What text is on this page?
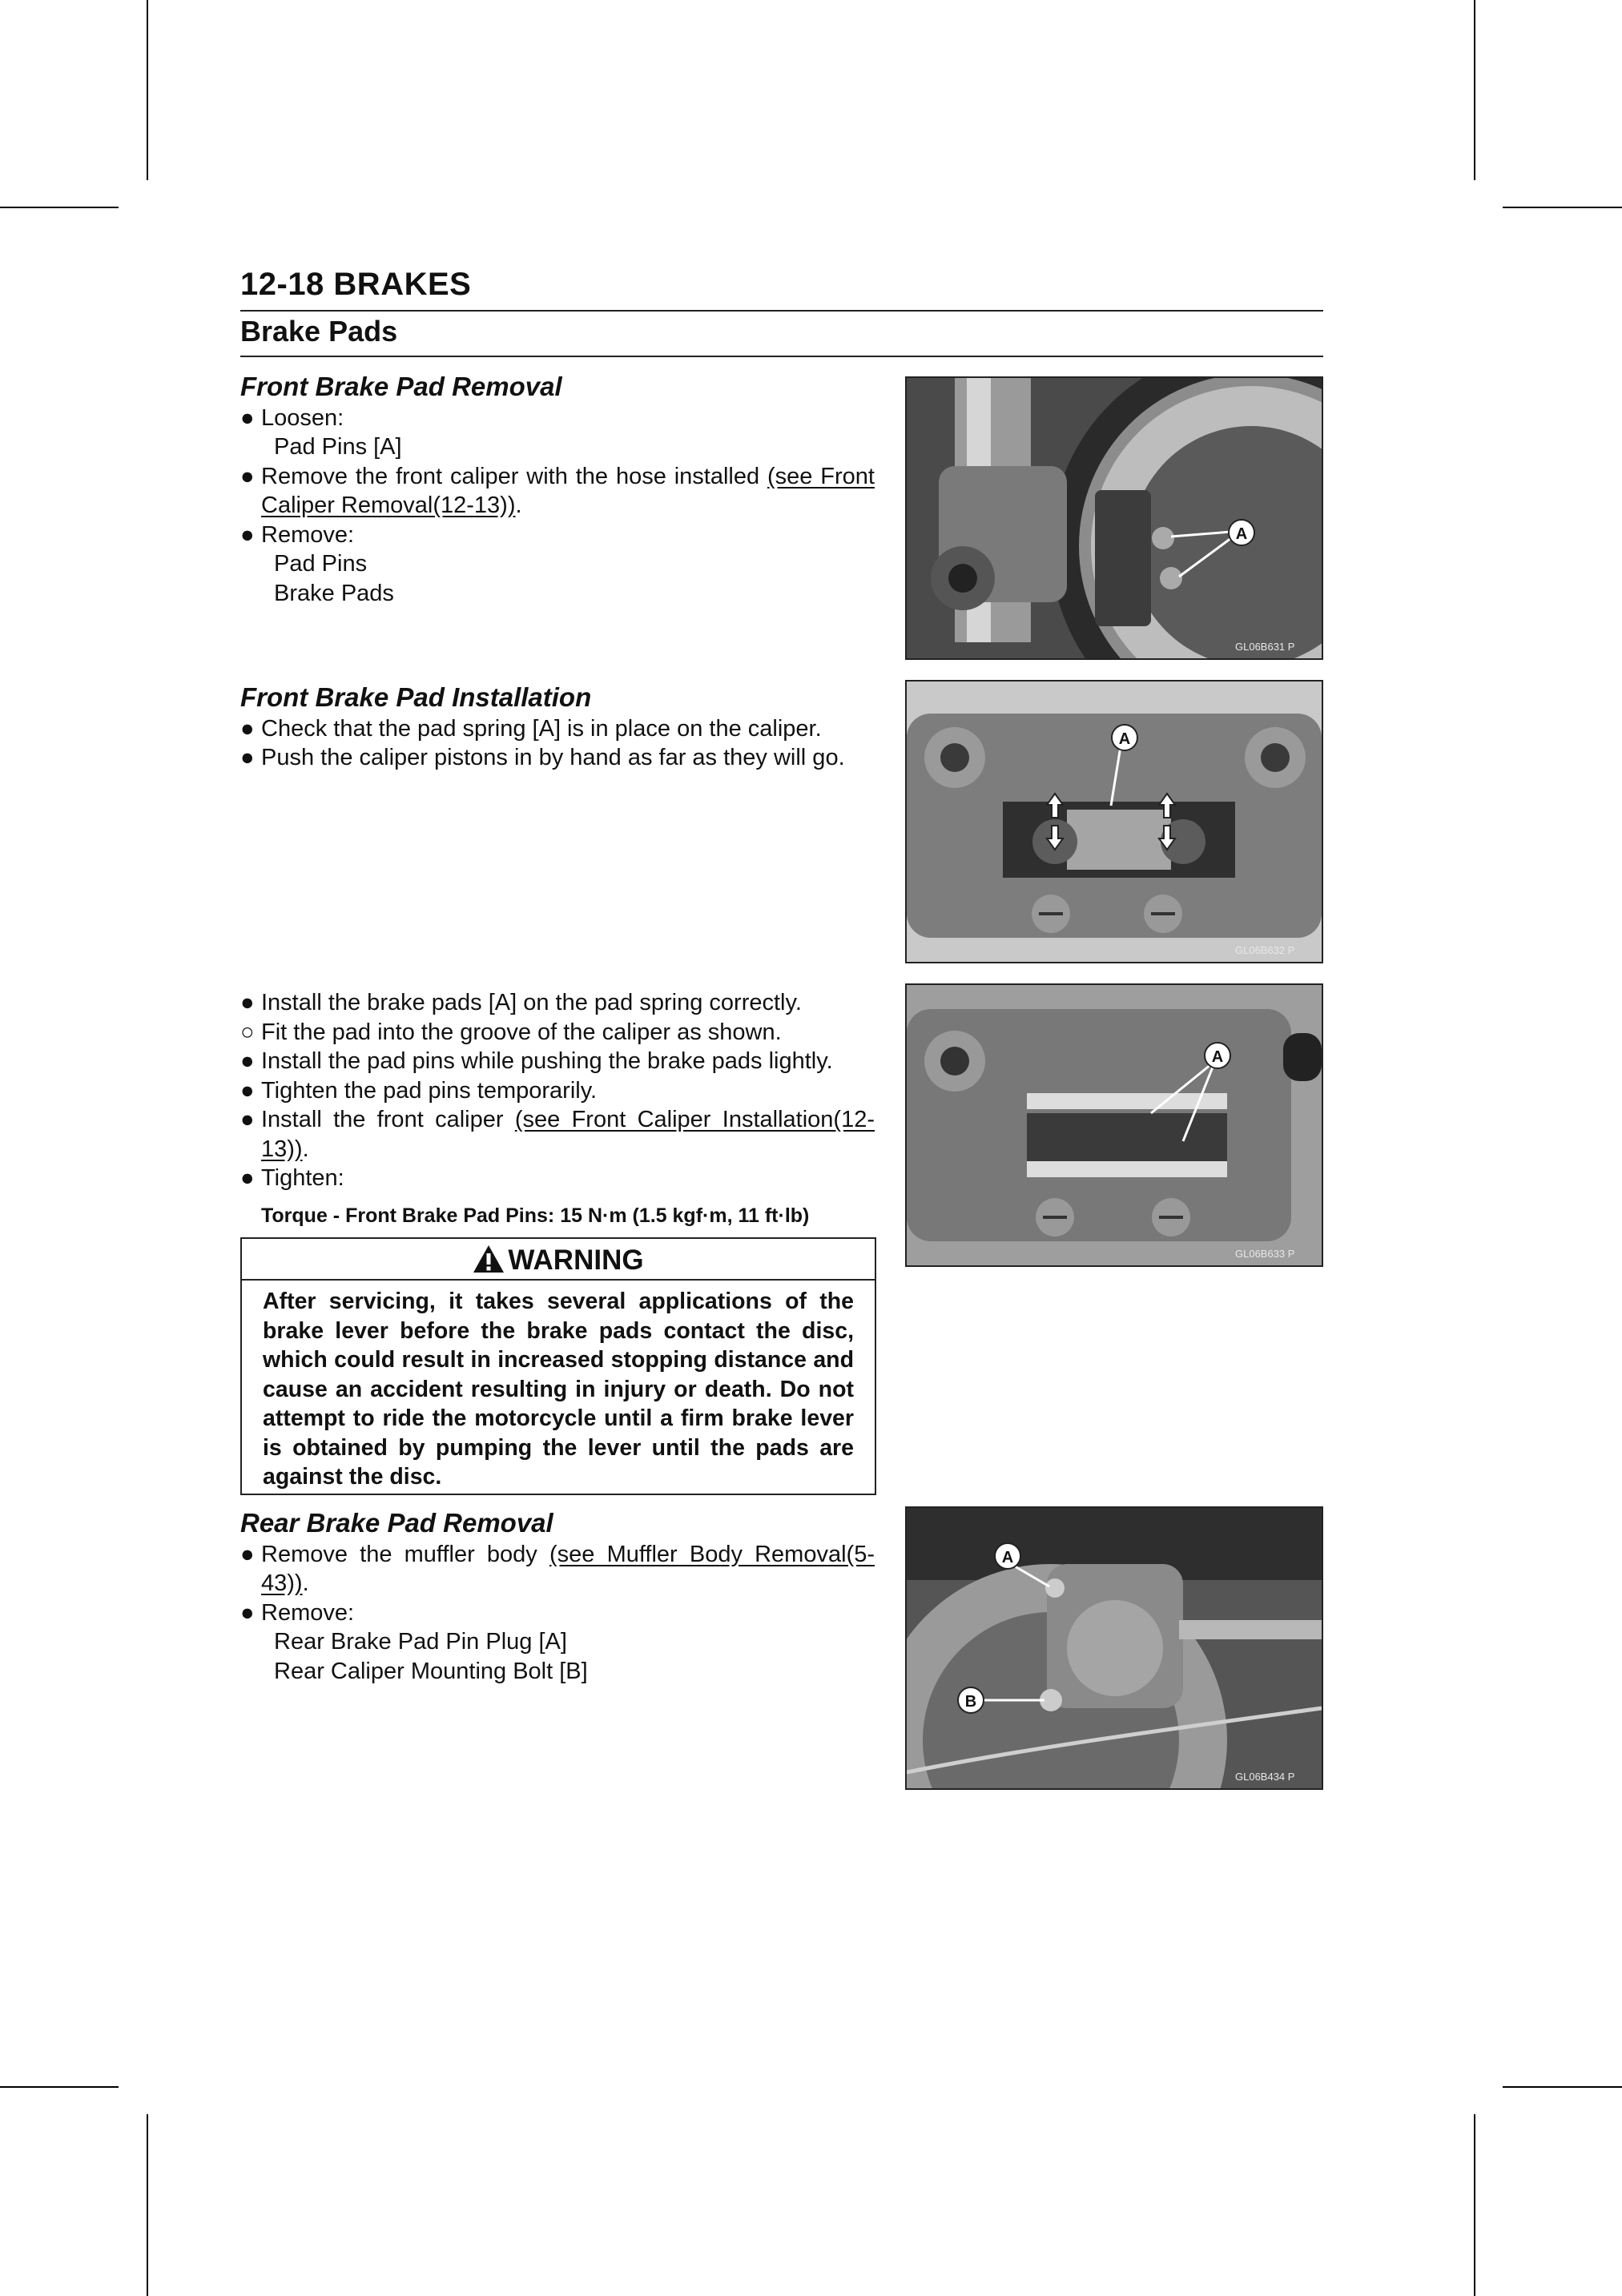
12-18 BRAKES
Brake Pads
Front Brake Pad Removal
● Loosen:
Pad Pins [A]
● Remove the front caliper with the hose installed (see Front Caliper Removal(12-13)).
● Remove:
Pad Pins
Brake Pads
Front Brake Pad Installation
● Check that the pad spring [A] is in place on the caliper.
● Push the caliper pistons in by hand as far as they will go.
● Install the brake pads [A] on the pad spring correctly.
○ Fit the pad into the groove of the caliper as shown.
● Install the pad pins while pushing the brake pads lightly.
● Tighten the pad pins temporarily.
● Install the front caliper (see Front Caliper Installation(12-13)).
● Tighten:
Torque - Front Brake Pad Pins: 15 N·m (1.5 kgf·m, 11 ft·lb)
WARNING
After servicing, it takes several applications of the brake lever before the brake pads contact the disc, which could result in increased stopping distance and cause an accident resulting in injury or death. Do not attempt to ride the motorcycle until a firm brake lever is obtained by pumping the lever until the pads are against the disc.
Rear Brake Pad Removal
● Remove the muffler body (see Muffler Body Removal(5-43)).
● Remove:
Rear Brake Pad Pin Plug [A]
Rear Caliper Mounting Bolt [B]
A
GL06B631 P
A
GL06B632 P
A
GL06B633 P
A
B
GL06B434 P
